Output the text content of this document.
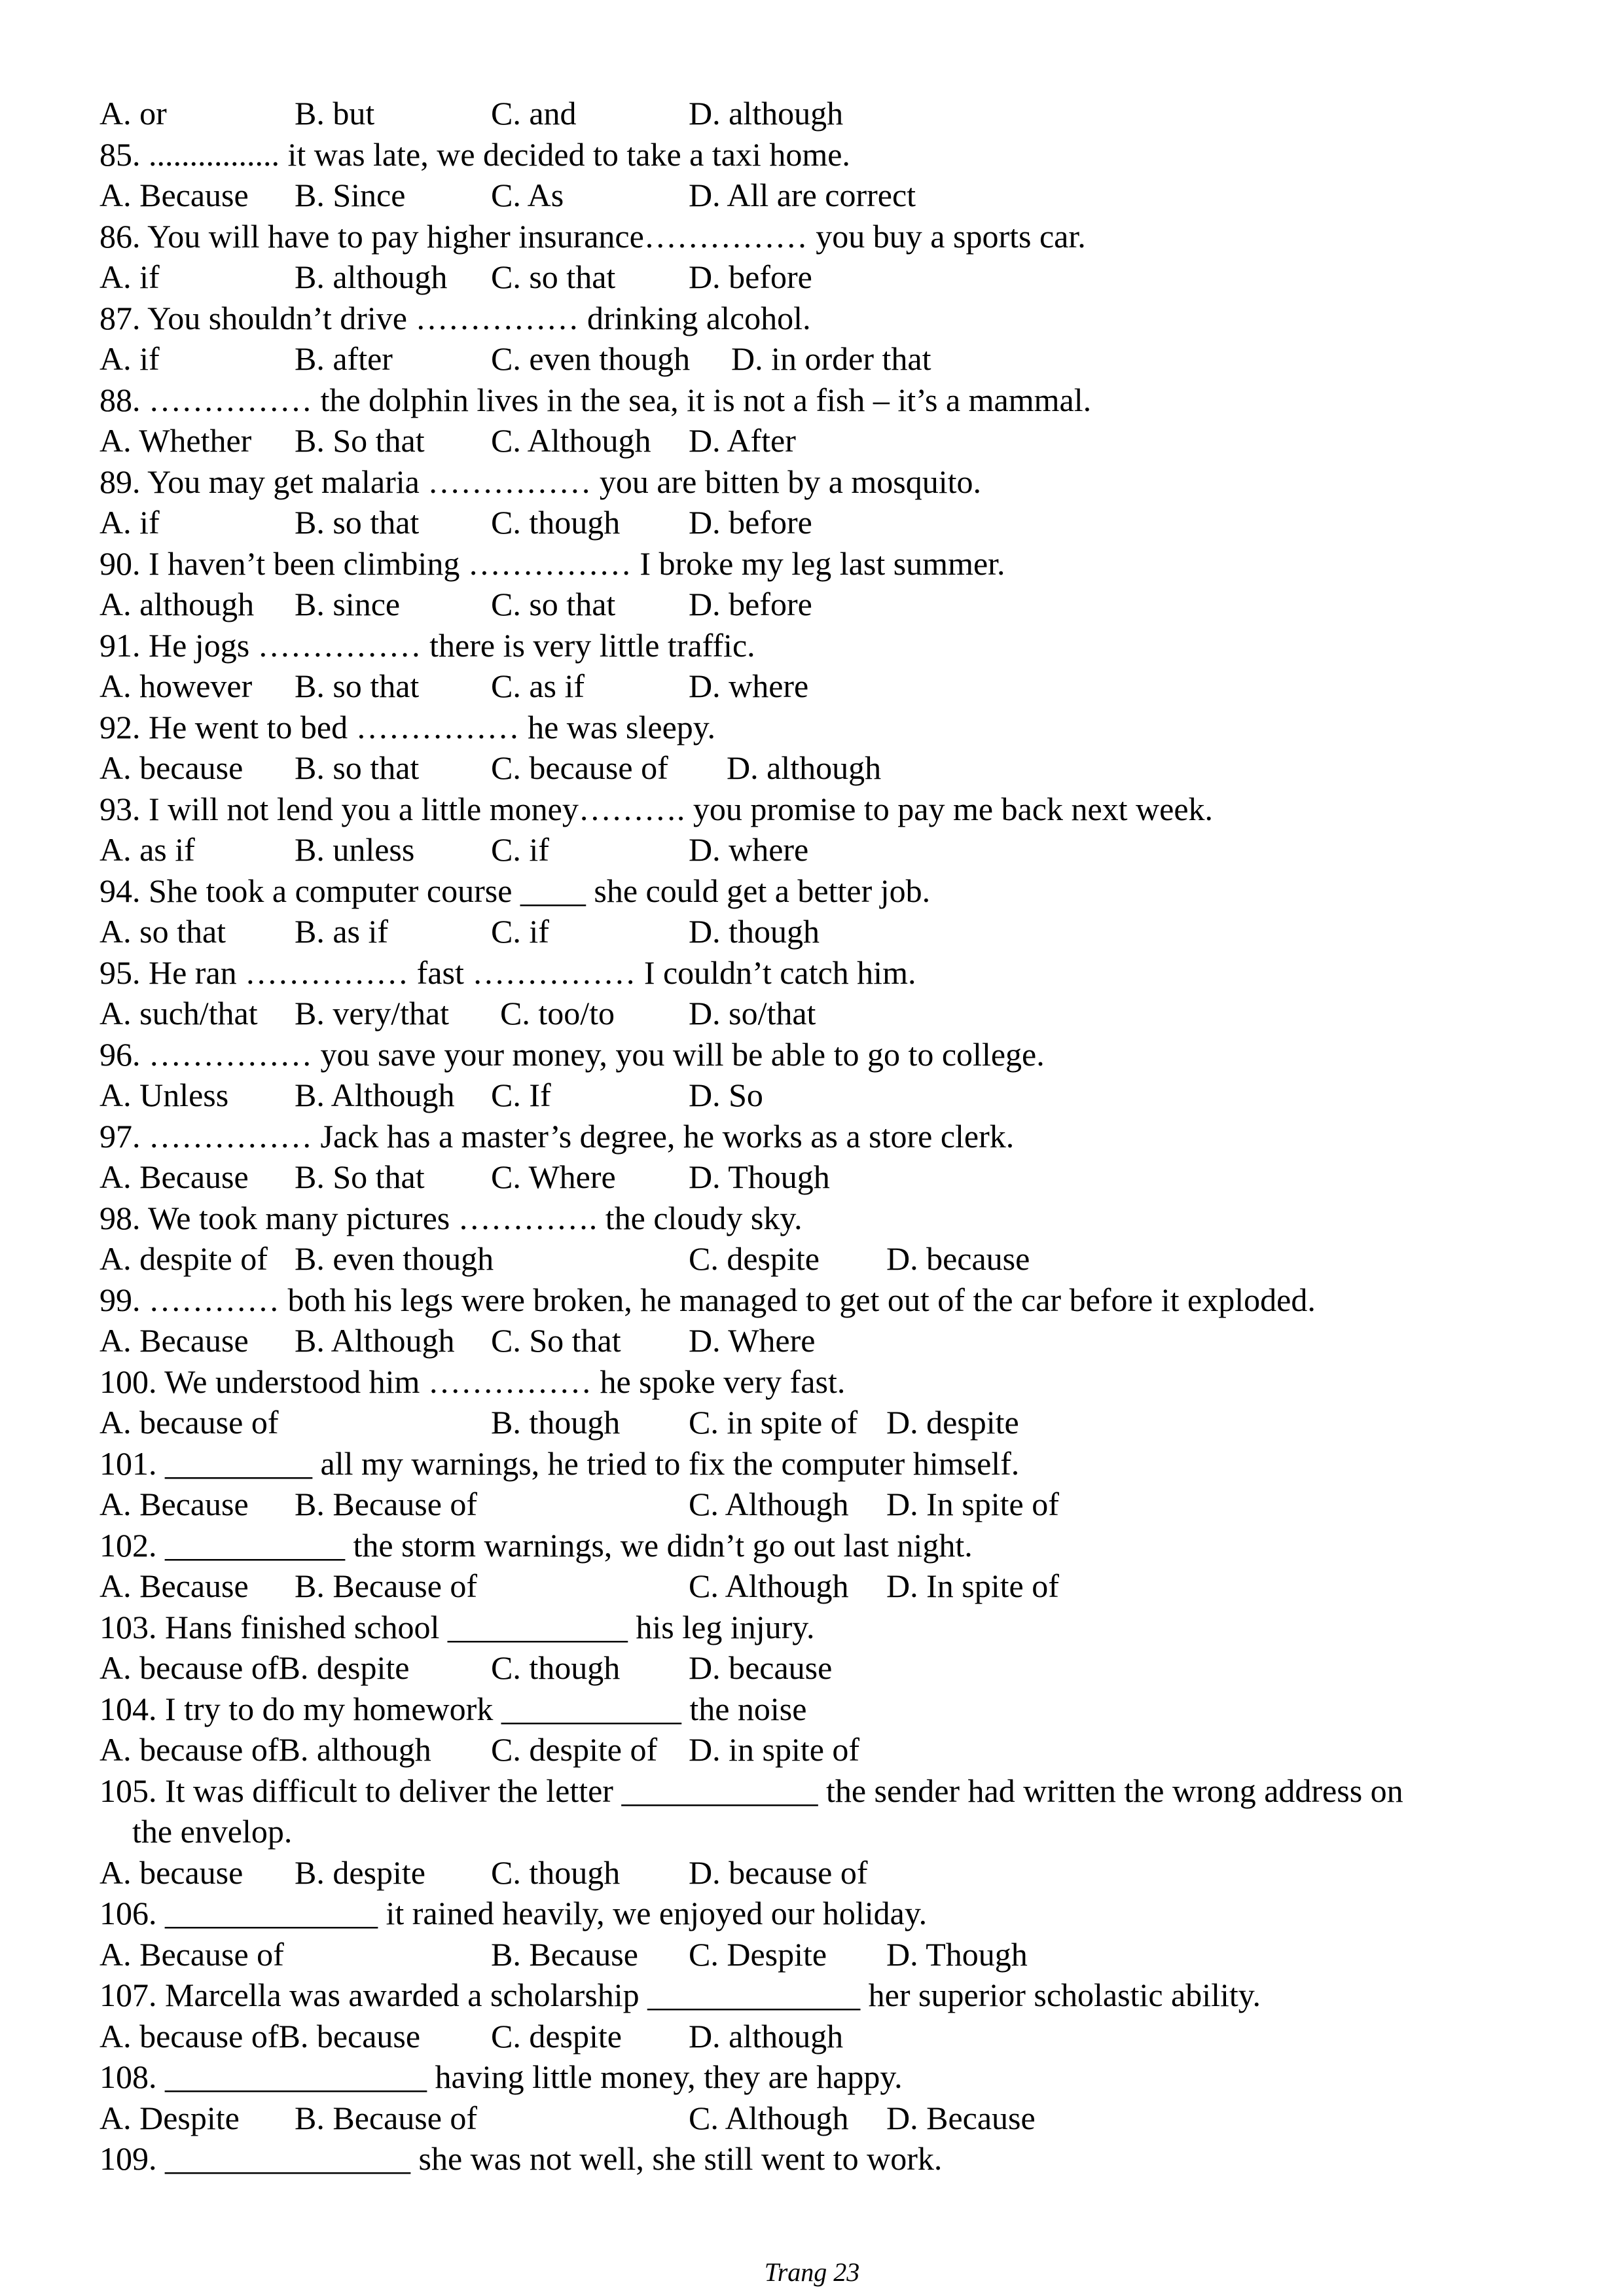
A. or	B. but	C. and	D. although
85. ................ it was late, we decided to take a taxi home.
A. Because B. Since	C. As	D. All are correct
86. You will have to pay higher insurance…………… you buy a sports car.
A. if	B. although C. so that D. before
87. You shouldn’t drive …………… drinking alcohol.
A. if	B. after	C. even though D. in order that
88. …………… the dolphin lives in the sea, it is not a fish – it’s a mammal.
A. Whether B. So that C. Although D. After
89. You may get malaria …………… you are bitten by a mosquito.
A. if	B. so that C. though D. before
90. I haven’t been climbing …………… I broke my leg last summer.
A. although B. since	C. so that D. before
91. He jogs …………… there is very little traffic.
A. however B. so that C. as if	D. where
92. He went to bed …………… he was sleepy.
A. because B. so that C. because of D. although
93. I will not lend you a little money………. you promise to pay me back next week.
A. as if	B. unless C. if	D. where
94. She took a computer course ____ she could get a better job.
A. so that B. as if	C. if	D. though
95. He ran …………… fast …………… I couldn’t catch him.
A. such/that B. very/that C. too/to D. so/that
96. …………… you save your money, you will be able to go to college.
A. Unless B. Although C. If	D. So
97. …………… Jack has a master’s degree, he works as a store clerk.
A. Because B. So that C. Where D. Though
98. We took many pictures …………. the cloudy sky.
A. despite of B. even though	C. despite D. because
99. ………… both his legs were broken, he managed to get out of the car before it exploded.
A. Because B. Although C. So that D. Where
100. We understood him …………… he spoke very fast.
A. because of	B. though C. in spite of D. despite
101. _________ all my warnings, he tried to fix the computer himself.
A. Because B. Because of	C. Although D. In spite of
102. ___________ the storm warnings, we didn’t go out last night.
A. Because B. Because of	C. Although D. In spite of
103. Hans finished school ___________ his leg injury.
A. because ofB. despite C. though D. because
104. I try to do my homework ___________ the noise
A. because ofB. although C. despite of D. in spite of
105. It was difficult to deliver the letter ____________ the sender had written the wrong address on
the envelop.
A. because B. despite C. though D. because of
106. _____________ it rained heavily, we enjoyed our holiday.
A. Because of	B. Because C. Despite D. Though
107. Marcella was awarded a scholarship _____________ her superior scholastic ability.
A. because ofB. because C. despite D. although
108. ________________ having little money, they are happy.
A. Despite B. Because of	C. Although D. Because
109. _______________ she was not well, she still went to work.
Trang 23
